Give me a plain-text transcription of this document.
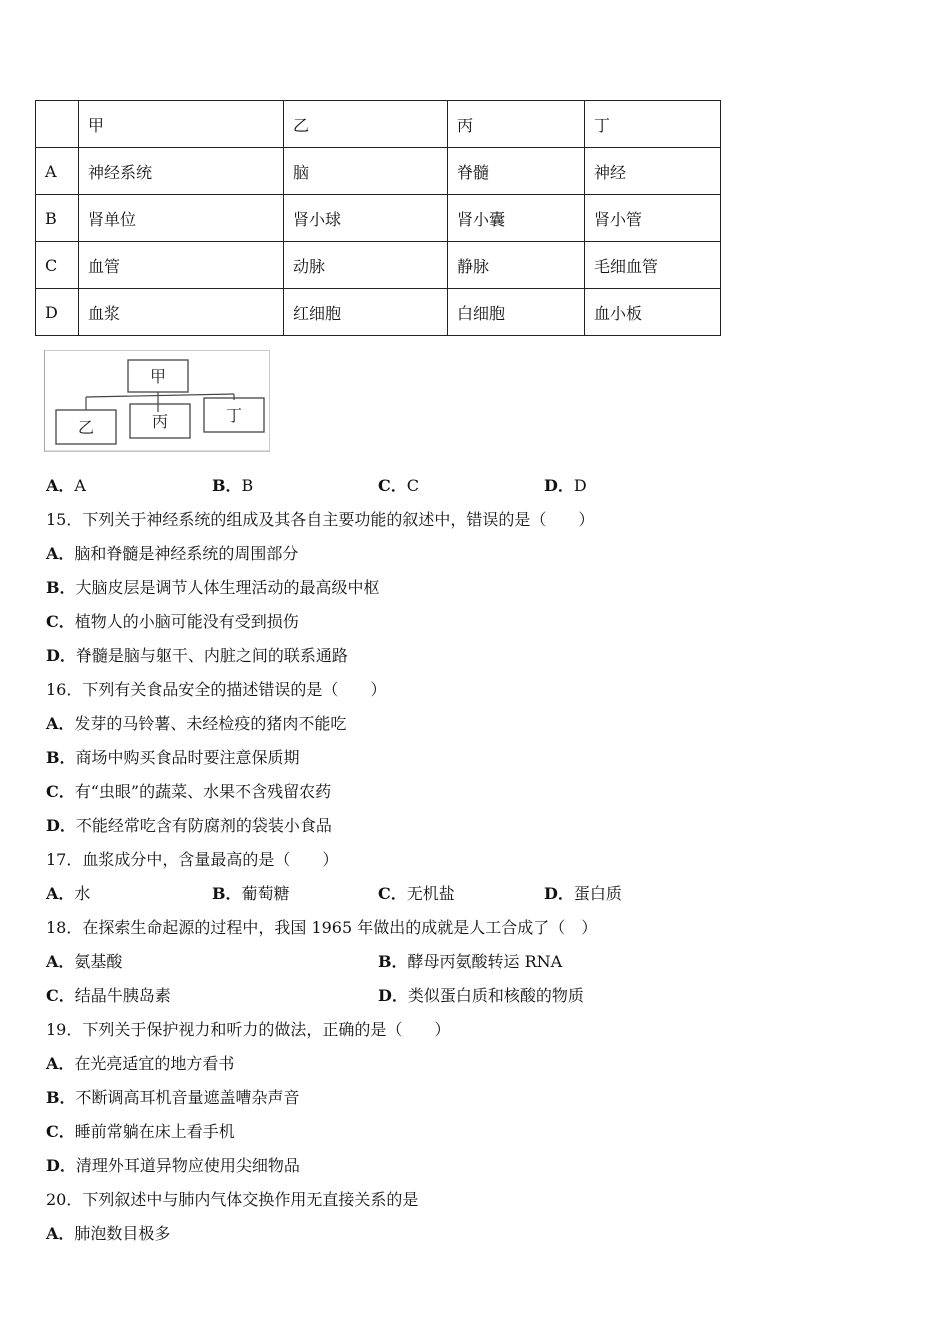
	甲	乙	丙	丁
A	神经系统	脑	脊髓	神经
B	肾单位	肾小球	肾小囊	肾小管
C	血管	动脉	静脉	毛细血管
D	血浆	红细胞	白细胞	血小板
甲
乙	丙	丁
A．A	B．B	C．C	D．D
15．下列关于神经系统的组成及其各自主要功能的叙述中，错误的是（　　）
A．脑和脊髓是神经系统的周围部分
B．大脑皮层是调节人体生理活动的最高级中枢
C．植物人的小脑可能没有受到损伤
D．脊髓是脑与躯干、内脏之间的联系通路
16．下列有关食品安全的描述错误的是（　　）
A．发芽的马铃薯、未经检疫的猪肉不能吃
B．商场中购买食品时要注意保质期
C．有“虫眼”的蔬菜、水果不含残留农药
D．不能经常吃含有防腐剂的袋装小食品
17．血浆成分中，含量最高的是（　　）
A．水	B．葡萄糖	C．无机盐	D．蛋白质
18．在探索生命起源的过程中，我国 1965 年做出的成就是人工合成了（　）
A．氨基酸	B．酵母丙氨酸转运 RNA
C．结晶牛胰岛素	D．类似蛋白质和核酸的物质
19．下列关于保护视力和听力的做法，正确的是（　　）
A．在光亮适宜的地方看书
B．不断调高耳机音量遮盖嘈杂声音
C．睡前常躺在床上看手机
D．清理外耳道异物应使用尖细物品
20．下列叙述中与肺内气体交换作用无直接关系的是
A．肺泡数目极多
